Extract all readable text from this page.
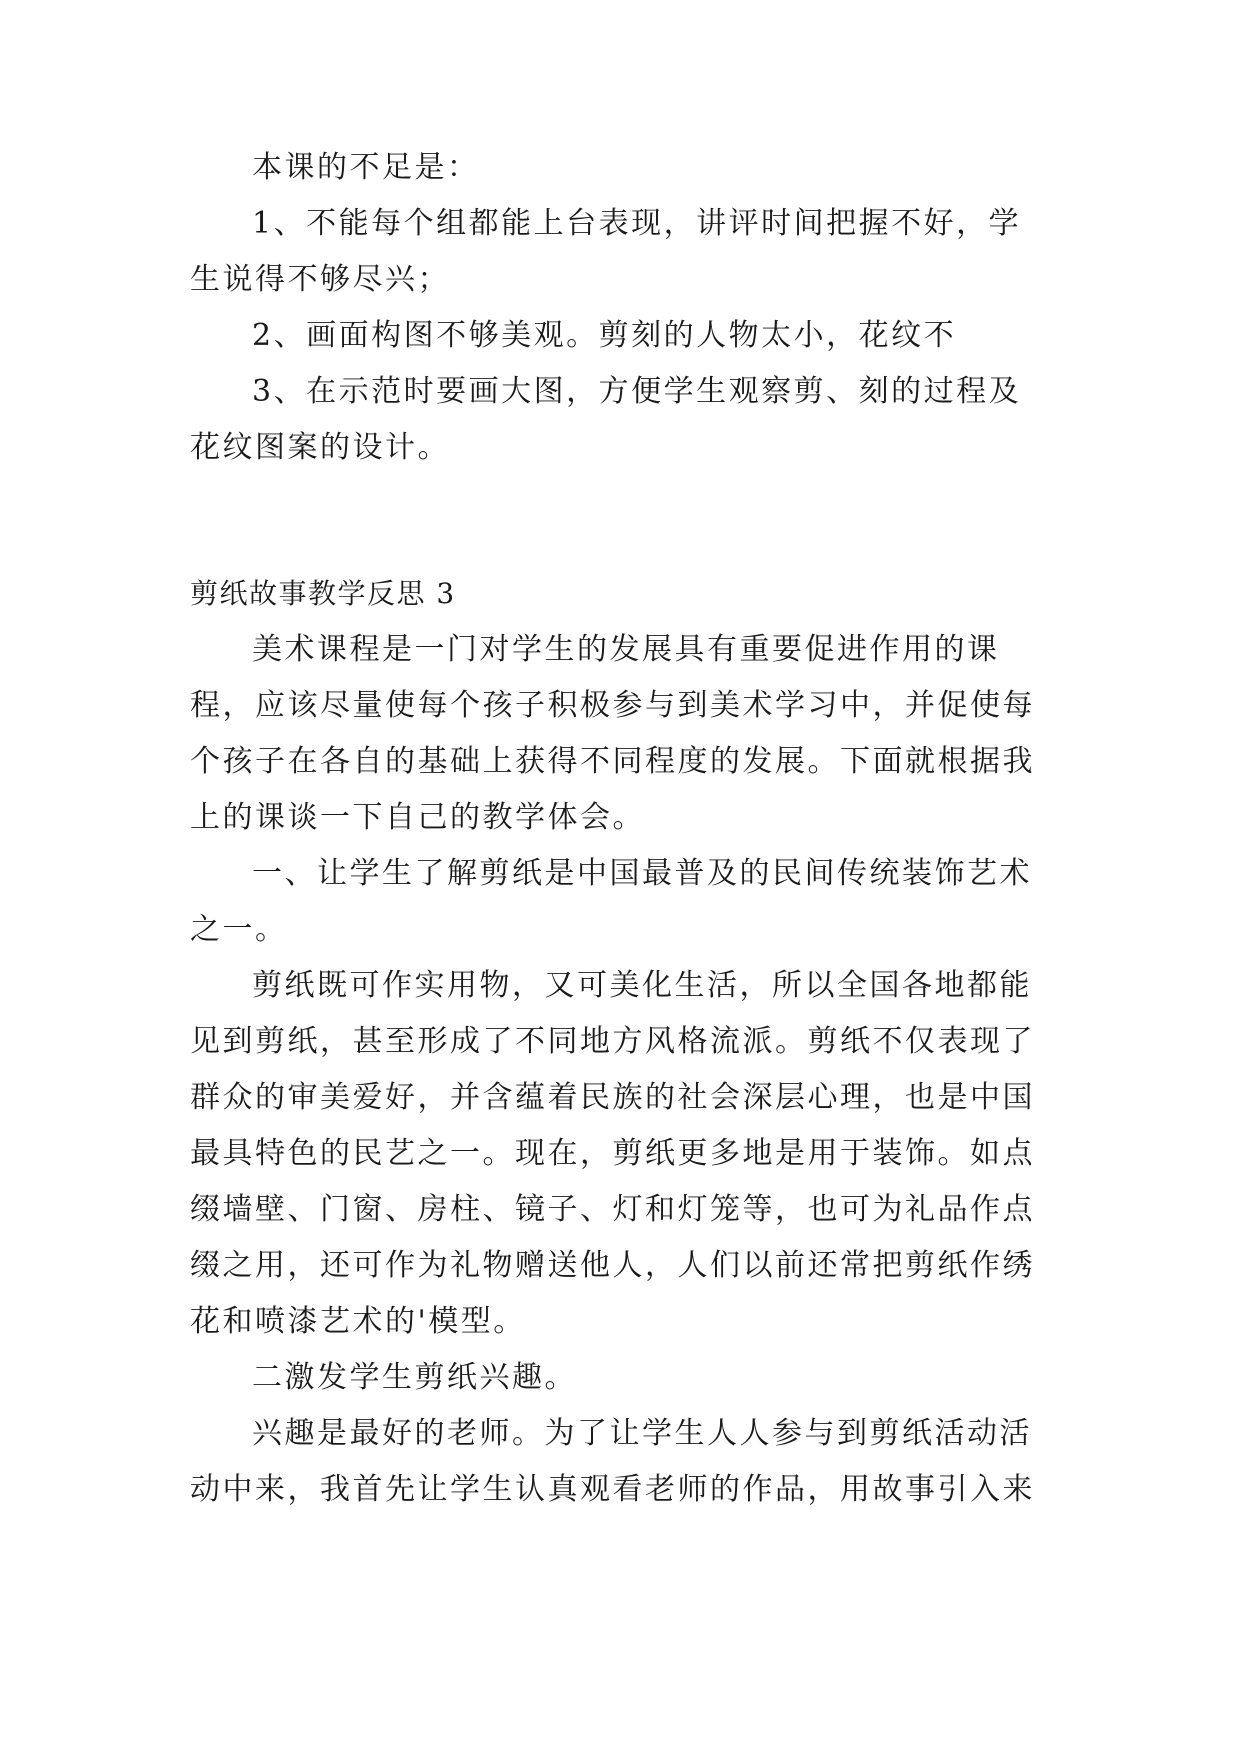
本课的不足是：

1、不能每个组都能上台表现，讲评时间把握不好，学

生说得不够尽兴；

2、画面构图不够美观。剪刻的人物太小，花纹不

3、在示范时要画大图，方便学生观察剪、刻的过程及

花纹图案的设计。

剪纸故事教学反思 3

美术课程是一门对学生的发展具有重要促进作用的课

程，应该尽量使每个孩子积极参与到美术学习中，并促使每

个孩子在各自的基础上获得不同程度的发展。下面就根据我

上的课谈一下自己的教学体会。

一、让学生了解剪纸是中国最普及的民间传统装饰艺术

之一。

剪纸既可作实用物，又可美化生活，所以全国各地都能

见到剪纸，甚至形成了不同地方风格流派。剪纸不仅表现了

群众的审美爱好，并含蕴着民族的社会深层心理，也是中国

最具特色的民艺之一。现在，剪纸更多地是用于装饰。如点

缀墙壁、门窗、房柱、镜子、灯和灯笼等，也可为礼品作点

缀之用，还可作为礼物赠送他人，人们以前还常把剪纸作绣

花和喷漆艺术的'模型。

二激发学生剪纸兴趣。

兴趣是最好的老师。为了让学生人人参与到剪纸活动活

动中来，我首先让学生认真观看老师的作品，用故事引入来
